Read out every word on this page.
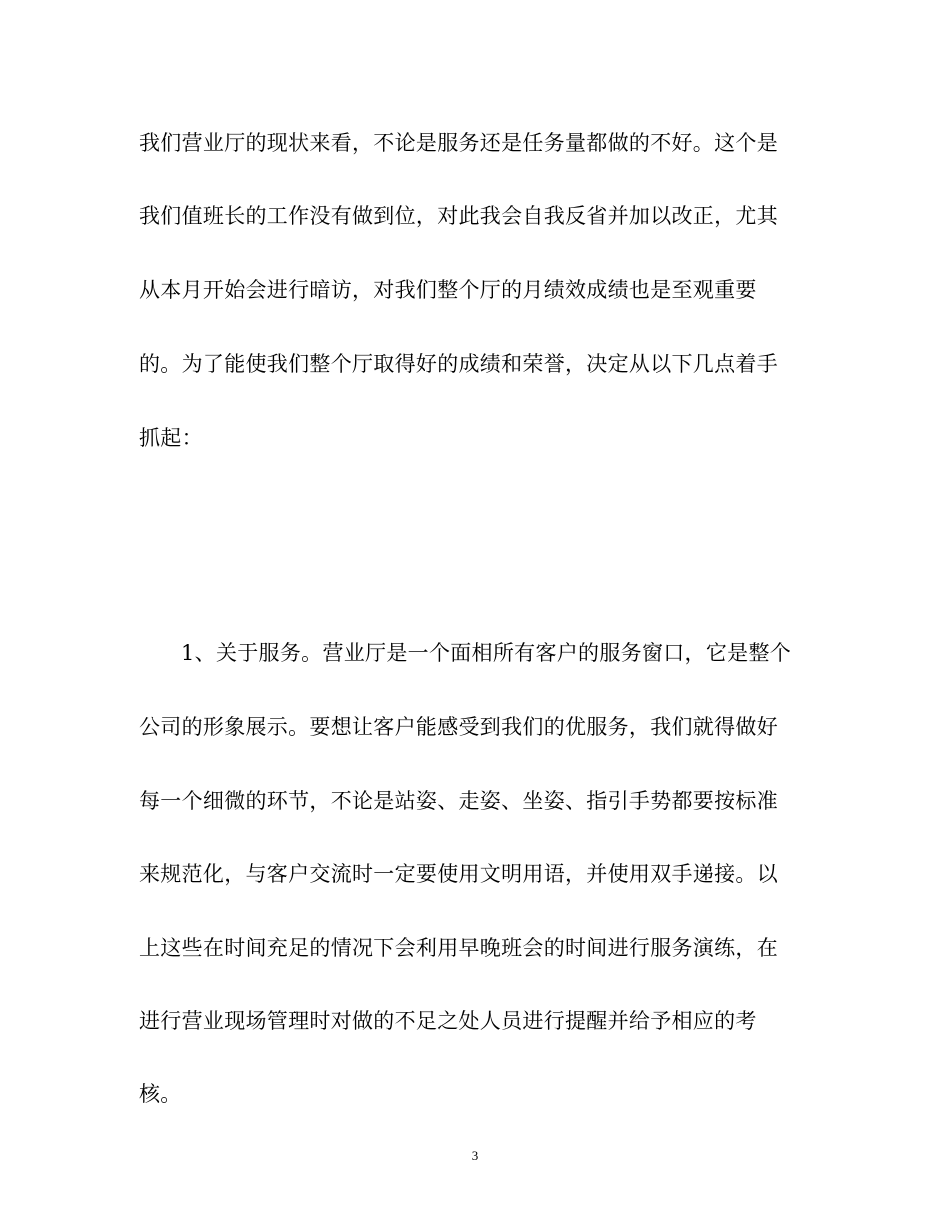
我们营业厅的现状来看，不论是服务还是任务量都做的不好。这个是
我们值班长的工作没有做到位，对此我会自我反省并加以改正，尤其
从本月开始会进行暗访，对我们整个厅的月绩效成绩也是至观重要
的。为了能使我们整个厅取得好的成绩和荣誉，决定从以下几点着手
抓起：
1、关于服务。营业厅是一个面相所有客户的服务窗口，它是整个
公司的形象展示。要想让客户能感受到我们的优服务，我们就得做好
每一个细微的环节，不论是站姿、走姿、坐姿、指引手势都要按标准
来规范化，与客户交流时一定要使用文明用语，并使用双手递接。以
上这些在时间充足的情况下会利用早晚班会的时间进行服务演练，在
进行营业现场管理时对做的不足之处人员进行提醒并给予相应的考
核。
3
